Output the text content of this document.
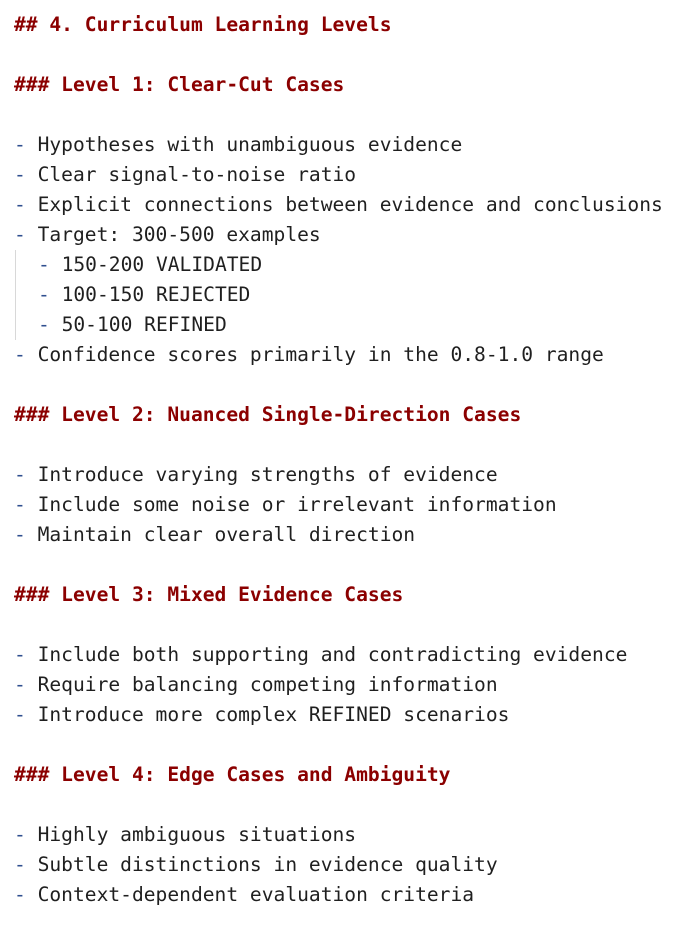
## 4. Curriculum Learning Levels
### Level 1: Clear-Cut Cases
- Hypotheses with unambiguous evidence
- Clear signal-to-noise ratio
- Explicit connections between evidence and conclusions
- Target: 300-500 examples
- 150-200 VALIDATED
- 100-150 REJECTED
- 50-100 REFINED
- Confidence scores primarily in the 0.8-1.0 range
### Level 2: Nuanced Single-Direction Cases
- Introduce varying strengths of evidence
- Include some noise or irrelevant information
- Maintain clear overall direction
### Level 3: Mixed Evidence Cases
- Include both supporting and contradicting evidence
- Require balancing competing information
- Introduce more complex REFINED scenarios
### Level 4: Edge Cases and Ambiguity
- Highly ambiguous situations
- Subtle distinctions in evidence quality
- Context-dependent evaluation criteria
